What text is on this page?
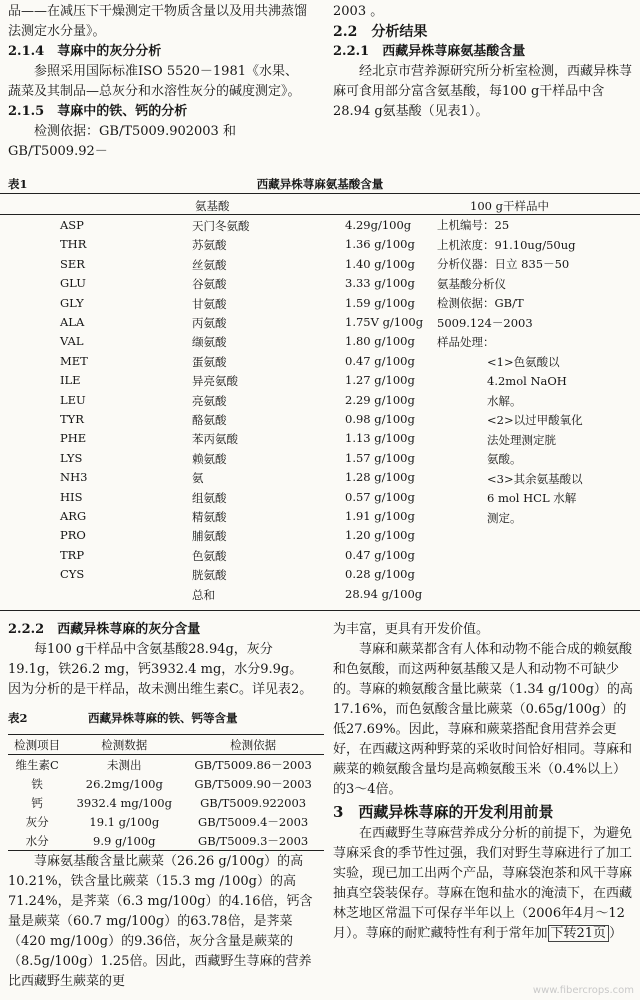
品——在减压下干燥测定干物质含量以及用共沸蒸馏法测定水分量》。

2.1.4　荨麻中的灰分分析

参照采用国际标准ISO 5520－1981《水果、蔬菜及其制品—总灰分和水溶性灰分的碱度测定》。

2.1.5　荨麻中的铁、钙的分析

检测依据：GB/T5009.902003 和 GB/T5009.92－

2003 。

2.2　分析结果

2.2.1　西藏异株荨麻氨基酸含量

经北京市营养源研究所分析室检测，西藏异株荨麻可食用部分富含氨基酸，每100 g干样品中含28.94 g氨基酸（见表1）。

表1	西藏异株荨麻氨基酸含量
氨基酸	100 g干样品中
ASP	天门冬氨酸	4.29g/100g
THR	苏氨酸	1.36 g/100g
SER	丝氨酸	1.40 g/100g
GLU	谷氨酸	3.33 g/100g
GLY	甘氨酸	1.59 g/100g
ALA	丙氨酸	1.75V g/100g
VAL	缬氨酸	1.80 g/100g
MET	蛋氨酸	0.47 g/100g
ILE	异亮氨酸	1.27 g/100g
LEU	亮氨酸	2.29 g/100g
TYR	酪氨酸	0.98 g/100g
PHE	苯丙氨酸	1.13 g/100g
LYS	赖氨酸	1.57 g/100g
NH3	氨	1.28 g/100g
HIS	组氨酸	0.57 g/100g
ARG	精氨酸	1.91 g/100g
PRO	脯氨酸	1.20 g/100g
TRP	色氨酸	0.47 g/100g
CYS	胱氨酸	0.28 g/100g
总和	28.94 g/100g
上机编号：25
上机浓度：91.10ug/50ug
分析仪器：日立 835－50
氨基酸分析仪
检测依据：GB/T
5009.124－2003
样品处理：
<1>色氨酸以
4.2mol NaOH
水解。
<2>以过甲酸氧化
法处理测定胱
氨酸。
<3>其余氨基酸以
6 mol HCL 水解
测定。

2.2.2　西藏异株荨麻的灰分含量

每100 g干样品中含氨基酸28.94g，灰分19.1g，铁26.2 mg，钙3932.4 mg，水分9.9g。因为分析的是干样品，故未测出维生素C。详见表2。

表2	西藏异株荨麻的铁、钙等含量
检测项目	检测数据	检测依据
维生素C	未测出	GB/T5009.86－2003
铁	26.2mg/100g	GB/T5009.90－2003
钙	3932.4 mg/100g	GB/T5009.922003
灰分	19.1 g/100g	GB/T5009.4－2003
水分	9.9 g/100g	GB/T5009.3－2003

荨麻氨基酸含量比蕨菜（26.26 g/100g）的高10.21%，铁含量比蕨菜（15.3 mg /100g）的高71.24%，是荠菜（6.3 mg/100g）的4.16倍，钙含量是蕨菜（60.7 mg/100g）的63.78倍，是荠菜（420 mg/100g）的9.36倍，灰分含量是蕨菜的（8.5g/100g）1.25倍。因此，西藏野生荨麻的营养比西藏野生蕨菜的更

为丰富，更具有开发价值。

荨麻和蕨菜都含有人体和动物不能合成的赖氨酸和色氨酸，而这两种氨基酸又是人和动物不可缺少的。荨麻的赖氨酸含量比蕨菜（1.34 g/100g）的高17.16%，而色氨酸含量比蕨菜（0.65g/100g）的低27.69%。因此，荨麻和蕨菜搭配食用营养会更好，在西藏这两种野菜的采收时间恰好相同。荨麻和蕨菜的赖氨酸含量均是高赖氨酸玉米（0.4%以上）的3～4倍。

3　西藏异株荨麻的开发利用前景

在西藏野生荨麻营养成分分析的前提下，为避免荨麻采食的季节性过强，我们对野生荨麻进行了加工实验，现已加工出两个产品，荨麻袋泡茶和风干荨麻抽真空袋装保存。荨麻在饱和盐水的淹渍下，在西藏林芝地区常温下可保存半年以上（2006年4月～12月）。荨麻的耐贮藏特性有利于常年加 下转21页 ）

www.fibercrops.com
